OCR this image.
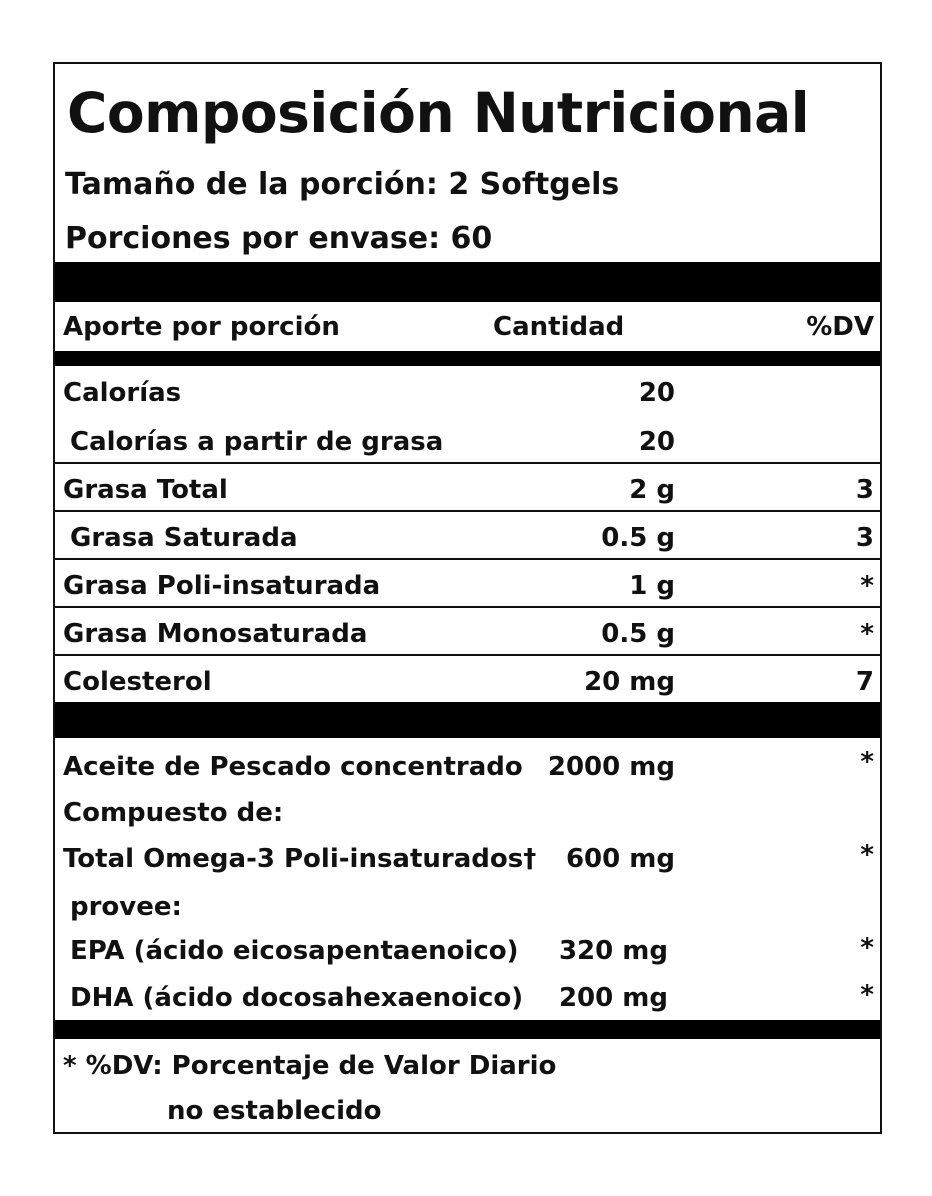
Composición Nutricional
Tamaño de la porción: 2 Softgels
Porciones por envase: 60
Aporte por porción	Cantidad	%DV
Calorías	20
Calorías a partir de grasa	20
Grasa Total	2 g	3
Grasa Saturada	0.5 g	3
Grasa Poli-insaturada	1 g	*
Grasa Monosaturada	0.5 g	*
Colesterol	20 mg	7
Aceite de Pescado concentrado 2000 mg	*
Compuesto de:
Total Omega-3 Poli-insaturados† 600 mg	*
provee:
EPA (ácido eicosapentaenoico) 320 mg	*
DHA (ácido docosahexaenoico) 200 mg	*
* %DV: Porcentaje de Valor Diario
no establecido
